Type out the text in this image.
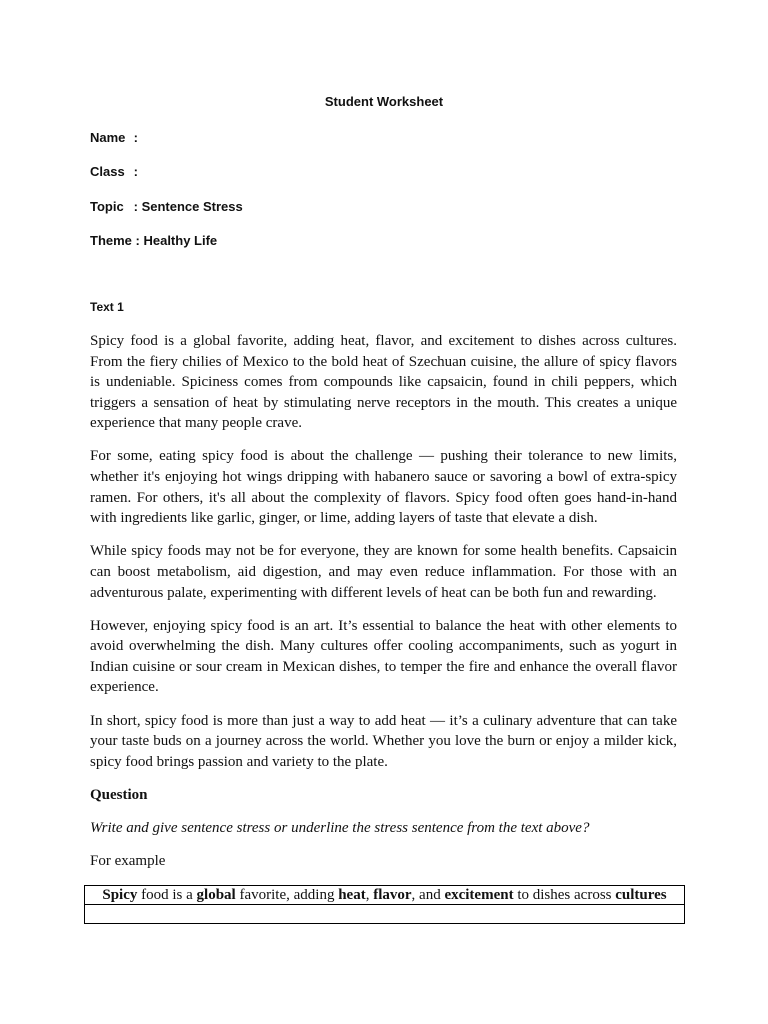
Student Worksheet
Name :
Class :
Topic : Sentence Stress
Theme : Healthy Life
Text 1

Spicy food is a global favorite, adding heat, flavor, and excitement to dishes across cultures. From the fiery chilies of Mexico to the bold heat of Szechuan cuisine, the allure of spicy flavors is undeniable. Spiciness comes from compounds like capsaicin, found in chili peppers, which triggers a sensation of heat by stimulating nerve receptors in the mouth. This creates a unique experience that many people crave.

For some, eating spicy food is about the challenge — pushing their tolerance to new limits, whether it's enjoying hot wings dripping with habanero sauce or savoring a bowl of extra-spicy ramen. For others, it's all about the complexity of flavors. Spicy food often goes hand-in-hand with ingredients like garlic, ginger, or lime, adding layers of taste that elevate a dish.

While spicy foods may not be for everyone, they are known for some health benefits. Capsaicin can boost metabolism, aid digestion, and may even reduce inflammation. For those with an adventurous palate, experimenting with different levels of heat can be both fun and rewarding.

However, enjoying spicy food is an art. It’s essential to balance the heat with other elements to avoid overwhelming the dish. Many cultures offer cooling accompaniments, such as yogurt in Indian cuisine or sour cream in Mexican dishes, to temper the fire and enhance the overall flavor experience.

In short, spicy food is more than just a way to add heat — it’s a culinary adventure that can take your taste buds on a journey across the world. Whether you love the burn or enjoy a milder kick, spicy food brings passion and variety to the plate.

Question

Write and give sentence stress or underline the stress sentence from the text above?

For example

Spicy food is a global favorite, adding heat, flavor, and excitement to dishes across cultures
